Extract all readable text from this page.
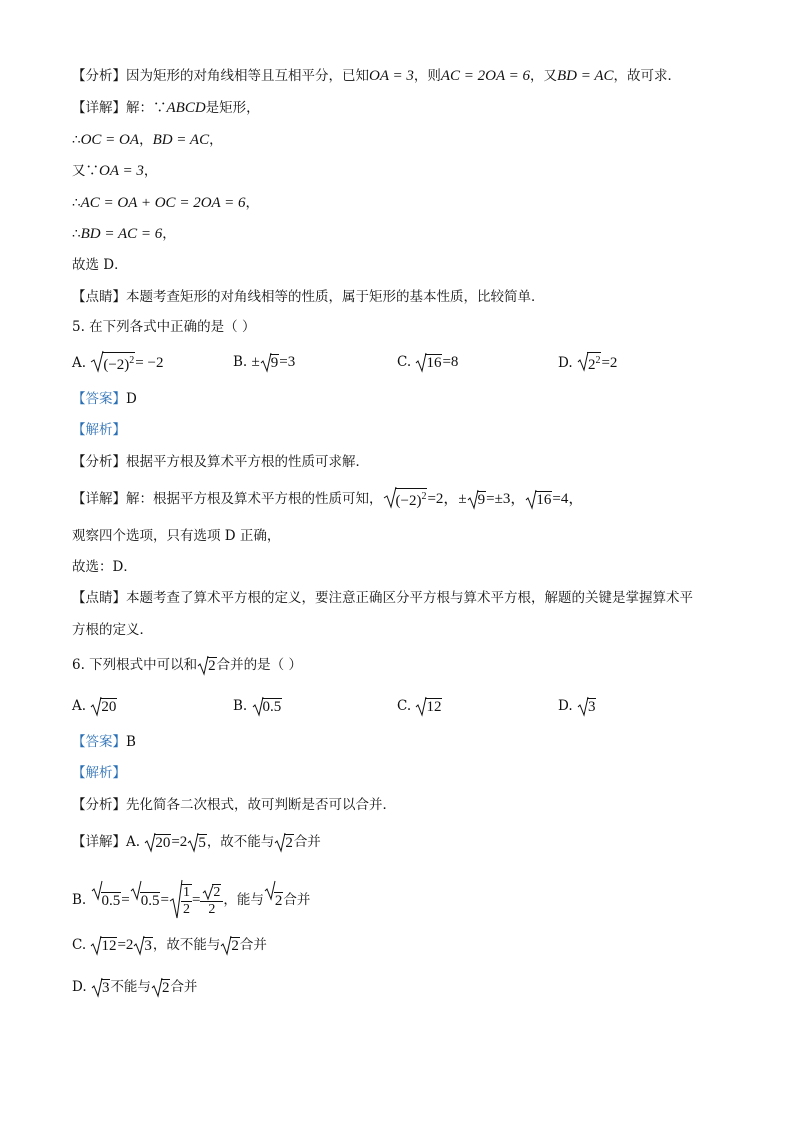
【分析】因为矩形的对角线相等且互相平分，已知OA = 3，则AC = 2OA = 6，又BD = AC，故可求．
【详解】解：∵ABCD是矩形，
∴OC = OA，BD = AC，
又∵OA = 3，
∴AC = OA + OC = 2OA = 6，
∴BD = AC = 6，
故选 D．
【点睛】本题考查矩形的对角线相等的性质，属于矩形的基本性质，比较简单．
5. 在下列各式中正确的是（ ）
A. $(-2)^2= -2$	B. ± 9=3	C. 16=8	D. $2^2=2$
【答案】D
【解析】
【分析】根据平方根及算术平方根的性质可求解．
【详解】解：根据平方根及算术平方根的性质可知， $(-2)^2=2$，± 9=±3， 16=4，
观察四个选项，只有选项 D 正确，
故选：D．
【点睛】本题考查了算术平方根的定义，要注意正确区分平方根与算术平方根，解题的关键是掌握算术平
方根的定义．
6. 下列根式中可以和 2合并的是（ ）
A. 20	B. 0.5	C. 12	D. 3
【答案】B
【解析】
【分析】先化简各二次根式，故可判断是否可以合并．
【详解】A. 20=2 5，故不能与 2合并
B. $0.5= 0.5= \frac{1}{2} = \frac{2}{2}$ ，能与 2合并
C. 12=2 3，故不能与 2合并
D. 3不能与 2合并
